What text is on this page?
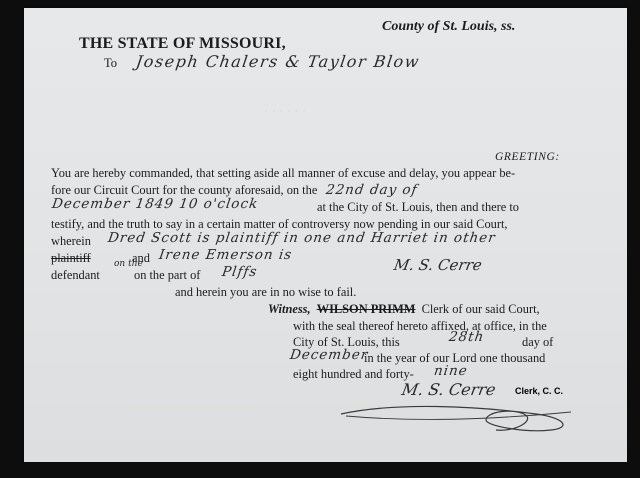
County of St. Louis, ss.
THE STATE OF MISSOURI,
To Joseph Chalers & Taylor Blow
· · · · · ·
GREETING:
You are hereby commanded, that setting aside all manner of excuse and delay, you appear be-
fore our Circuit Court for the county aforesaid, on the 22nd day of
December 1849 10 o'clock	at the City of St. Louis, then and there to
testify, and the truth to say in a certain matter of controversy now pending in our said Court,
wherein Dred Scott is plaintiff in one and Harriet in other
plaintiff	and Irene Emerson is
defendant
on the
on the part of Plffs	M. S. Cerre
and herein you are in no wise to fail.
Witness, WILSON PRIMM Clerk of our said Court,
with the seal thereof hereto affixed, at office, in the
City of St. Louis, this	28th	day of
December
in the year of our Lord one thousand
eight hundred and forty- nine
M. S. Cerre Clerk, C. C.
